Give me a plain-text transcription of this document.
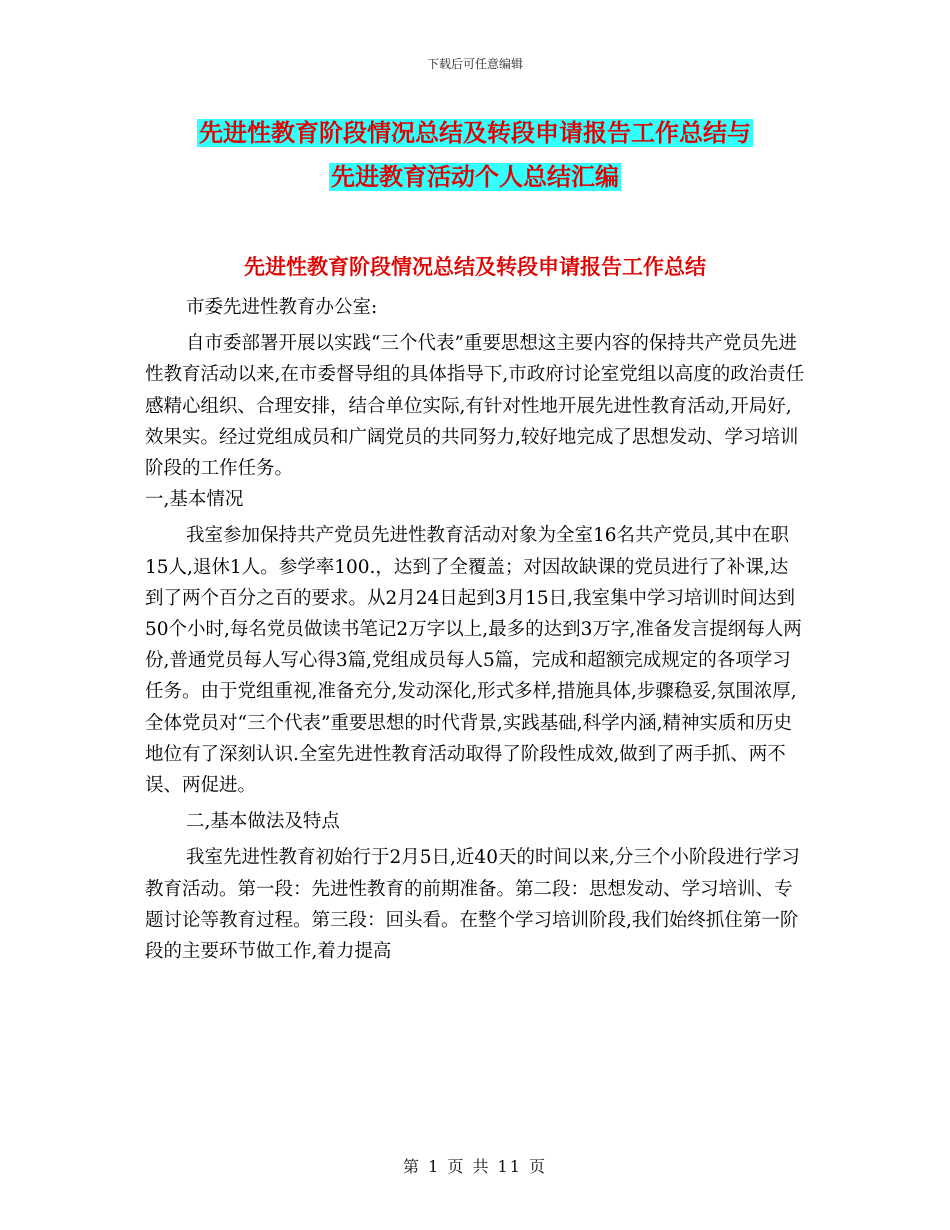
下载后可任意编辑
先进性教育阶段情况总结及转段申请报告工作总结与
先进教育活动个人总结汇编
先进性教育阶段情况总结及转段申请报告工作总结

市委先进性教育办公室:

自市委部署开展以实践“三个代表”重要思想这主要内容的保持共产党员先进性教育活动以来,在市委督导组的具体指导下,市政府讨论室党组以高度的政治责任感精心组织、合理安排，结合单位实际,有针对性地开展先进性教育活动,开局好,效果实。经过党组成员和广阔党员的共同努力,较好地完成了思想发动、学习培训阶段的工作任务。

一,基本情况

我室参加保持共产党员先进性教育活动对象为全室16名共产党员,其中在职15人,退休1人。参学率100.，达到了全覆盖；对因故缺课的党员进行了补课,达到了两个百分之百的要求。从2月24日起到3月15日,我室集中学习培训时间达到50个小时,每名党员做读书笔记2万字以上,最多的达到3万字,准备发言提纲每人两份,普通党员每人写心得3篇,党组成员每人5篇，完成和超额完成规定的各项学习任务。由于党组重视,准备充分,发动深化,形式多样,措施具体,步骤稳妥,氛围浓厚,全体党员对“三个代表”重要思想的时代背景,实践基础,科学内涵,精神实质和历史地位有了深刻认识.全室先进性教育活动取得了阶段性成效,做到了两手抓、两不误、两促进。

二,基本做法及特点

我室先进性教育初始行于2月5日,近40天的时间以来,分三个小阶段进行学习教育活动。第一段：先进性教育的前期准备。第二段：思想发动、学习培训、专题讨论等教育过程。第三段：回头看。在整个学习培训阶段,我们始终抓住第一阶段的主要环节做工作,着力提高

第 1 页 共 11 页
